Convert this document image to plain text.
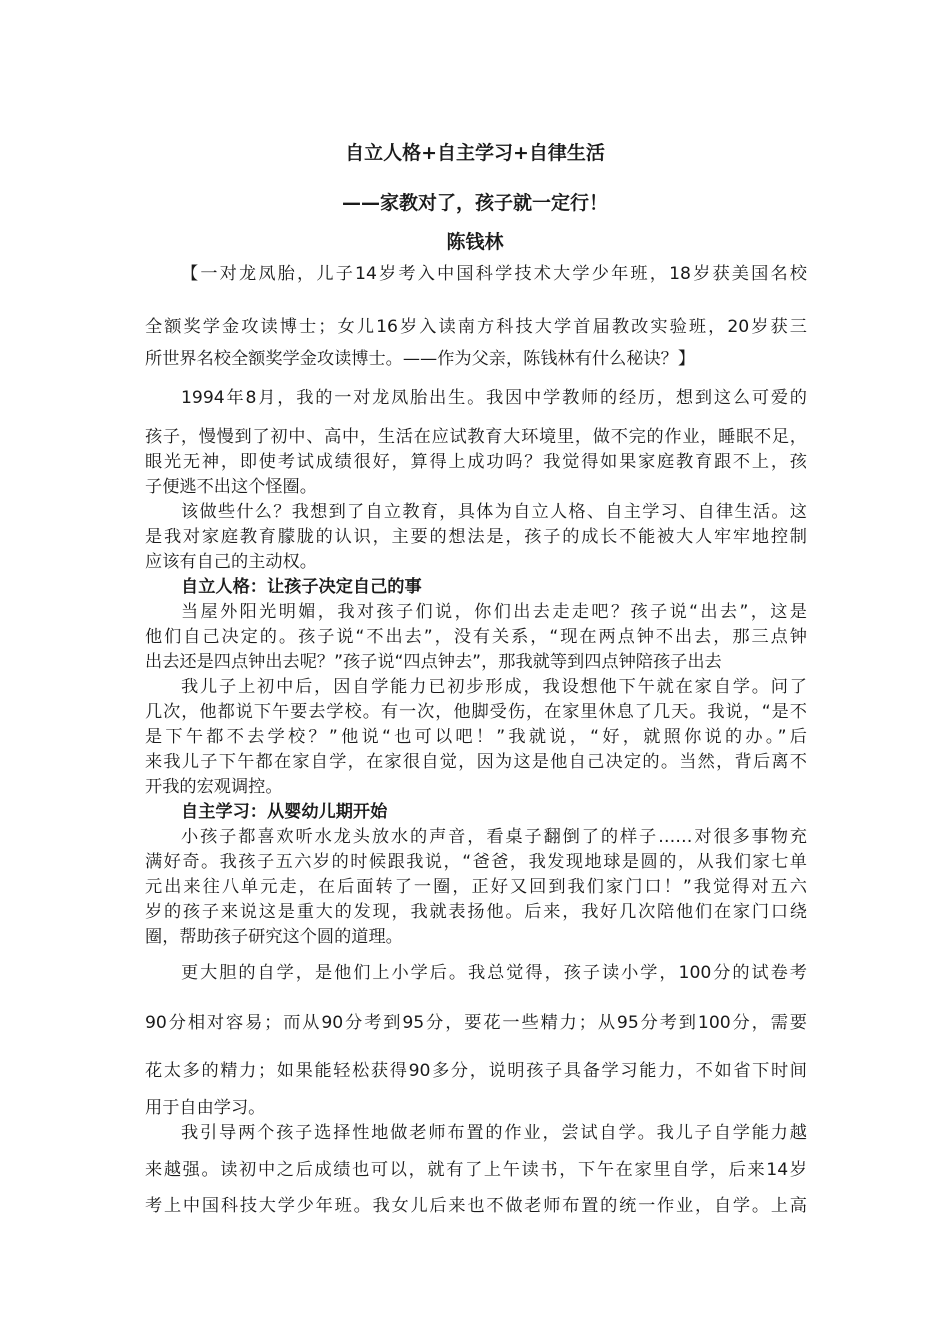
自立人格+自主学习+自律生活
——家教对了，孩子就一定行！
陈钱林
【一对龙凤胎，儿子14岁考入中国科学技术大学少年班，18岁获美国名校
全额奖学金攻读博士；女儿16岁入读南方科技大学首届教改实验班，20岁获三
所世界名校全额奖学金攻读博士。——作为父亲，陈钱林有什么秘诀？】
1994年8月，我的一对龙凤胎出生。我因中学教师的经历，想到这么可爱的
孩子，慢慢到了初中、高中，生活在应试教育大环境里，做不完的作业，睡眠不足，
眼光无神，即使考试成绩很好，算得上成功吗？我觉得如果家庭教育跟不上，孩
子便逃不出这个怪圈。
该做些什么？我想到了自立教育，具体为自立人格、自主学习、自律生活。这
是我对家庭教育朦胧的认识，主要的想法是，孩子的成长不能被大人牢牢地控制
应该有自己的主动权。
自立人格：让孩子决定自己的事
当屋外阳光明媚，我对孩子们说，你们出去走走吧？孩子说“出去”，这是
他们自己决定的。孩子说“不出去”，没有关系，“现在两点钟不出去，那三点钟
出去还是四点钟出去呢？”孩子说“四点钟去”，那我就等到四点钟陪孩子出去
我儿子上初中后，因自学能力已初步形成，我设想他下午就在家自学。问了
几次，他都说下午要去学校。有一次，他脚受伤，在家里休息了几天。我说，“是不
是下午都不去学校？”他说“也可以吧！”我就说，“好，就照你说的办。”后
来我儿子下午都在家自学，在家很自觉，因为这是他自己决定的。当然，背后离不
开我的宏观调控。
自主学习：从婴幼儿期开始
小孩子都喜欢听水龙头放水的声音，看桌子翻倒了的样子……对很多事物充
满好奇。我孩子五六岁的时候跟我说，“爸爸，我发现地球是圆的，从我们家七单
元出来往八单元走，在后面转了一圈，正好又回到我们家门口！”我觉得对五六
岁的孩子来说这是重大的发现，我就表扬他。后来，我好几次陪他们在家门口绕
圈，帮助孩子研究这个圆的道理。
更大胆的自学，是他们上小学后。我总觉得，孩子读小学，100分的试卷考
90分相对容易；而从90分考到95分，要花一些精力；从95分考到100分，需要
花太多的精力；如果能轻松获得90多分，说明孩子具备学习能力，不如省下时间
用于自由学习。
我引导两个孩子选择性地做老师布置的作业，尝试自学。我儿子自学能力越
来越强。读初中之后成绩也可以，就有了上午读书，下午在家里自学，后来14岁
考上中国科技大学少年班。我女儿后来也不做老师布置的统一作业，自学。上高
